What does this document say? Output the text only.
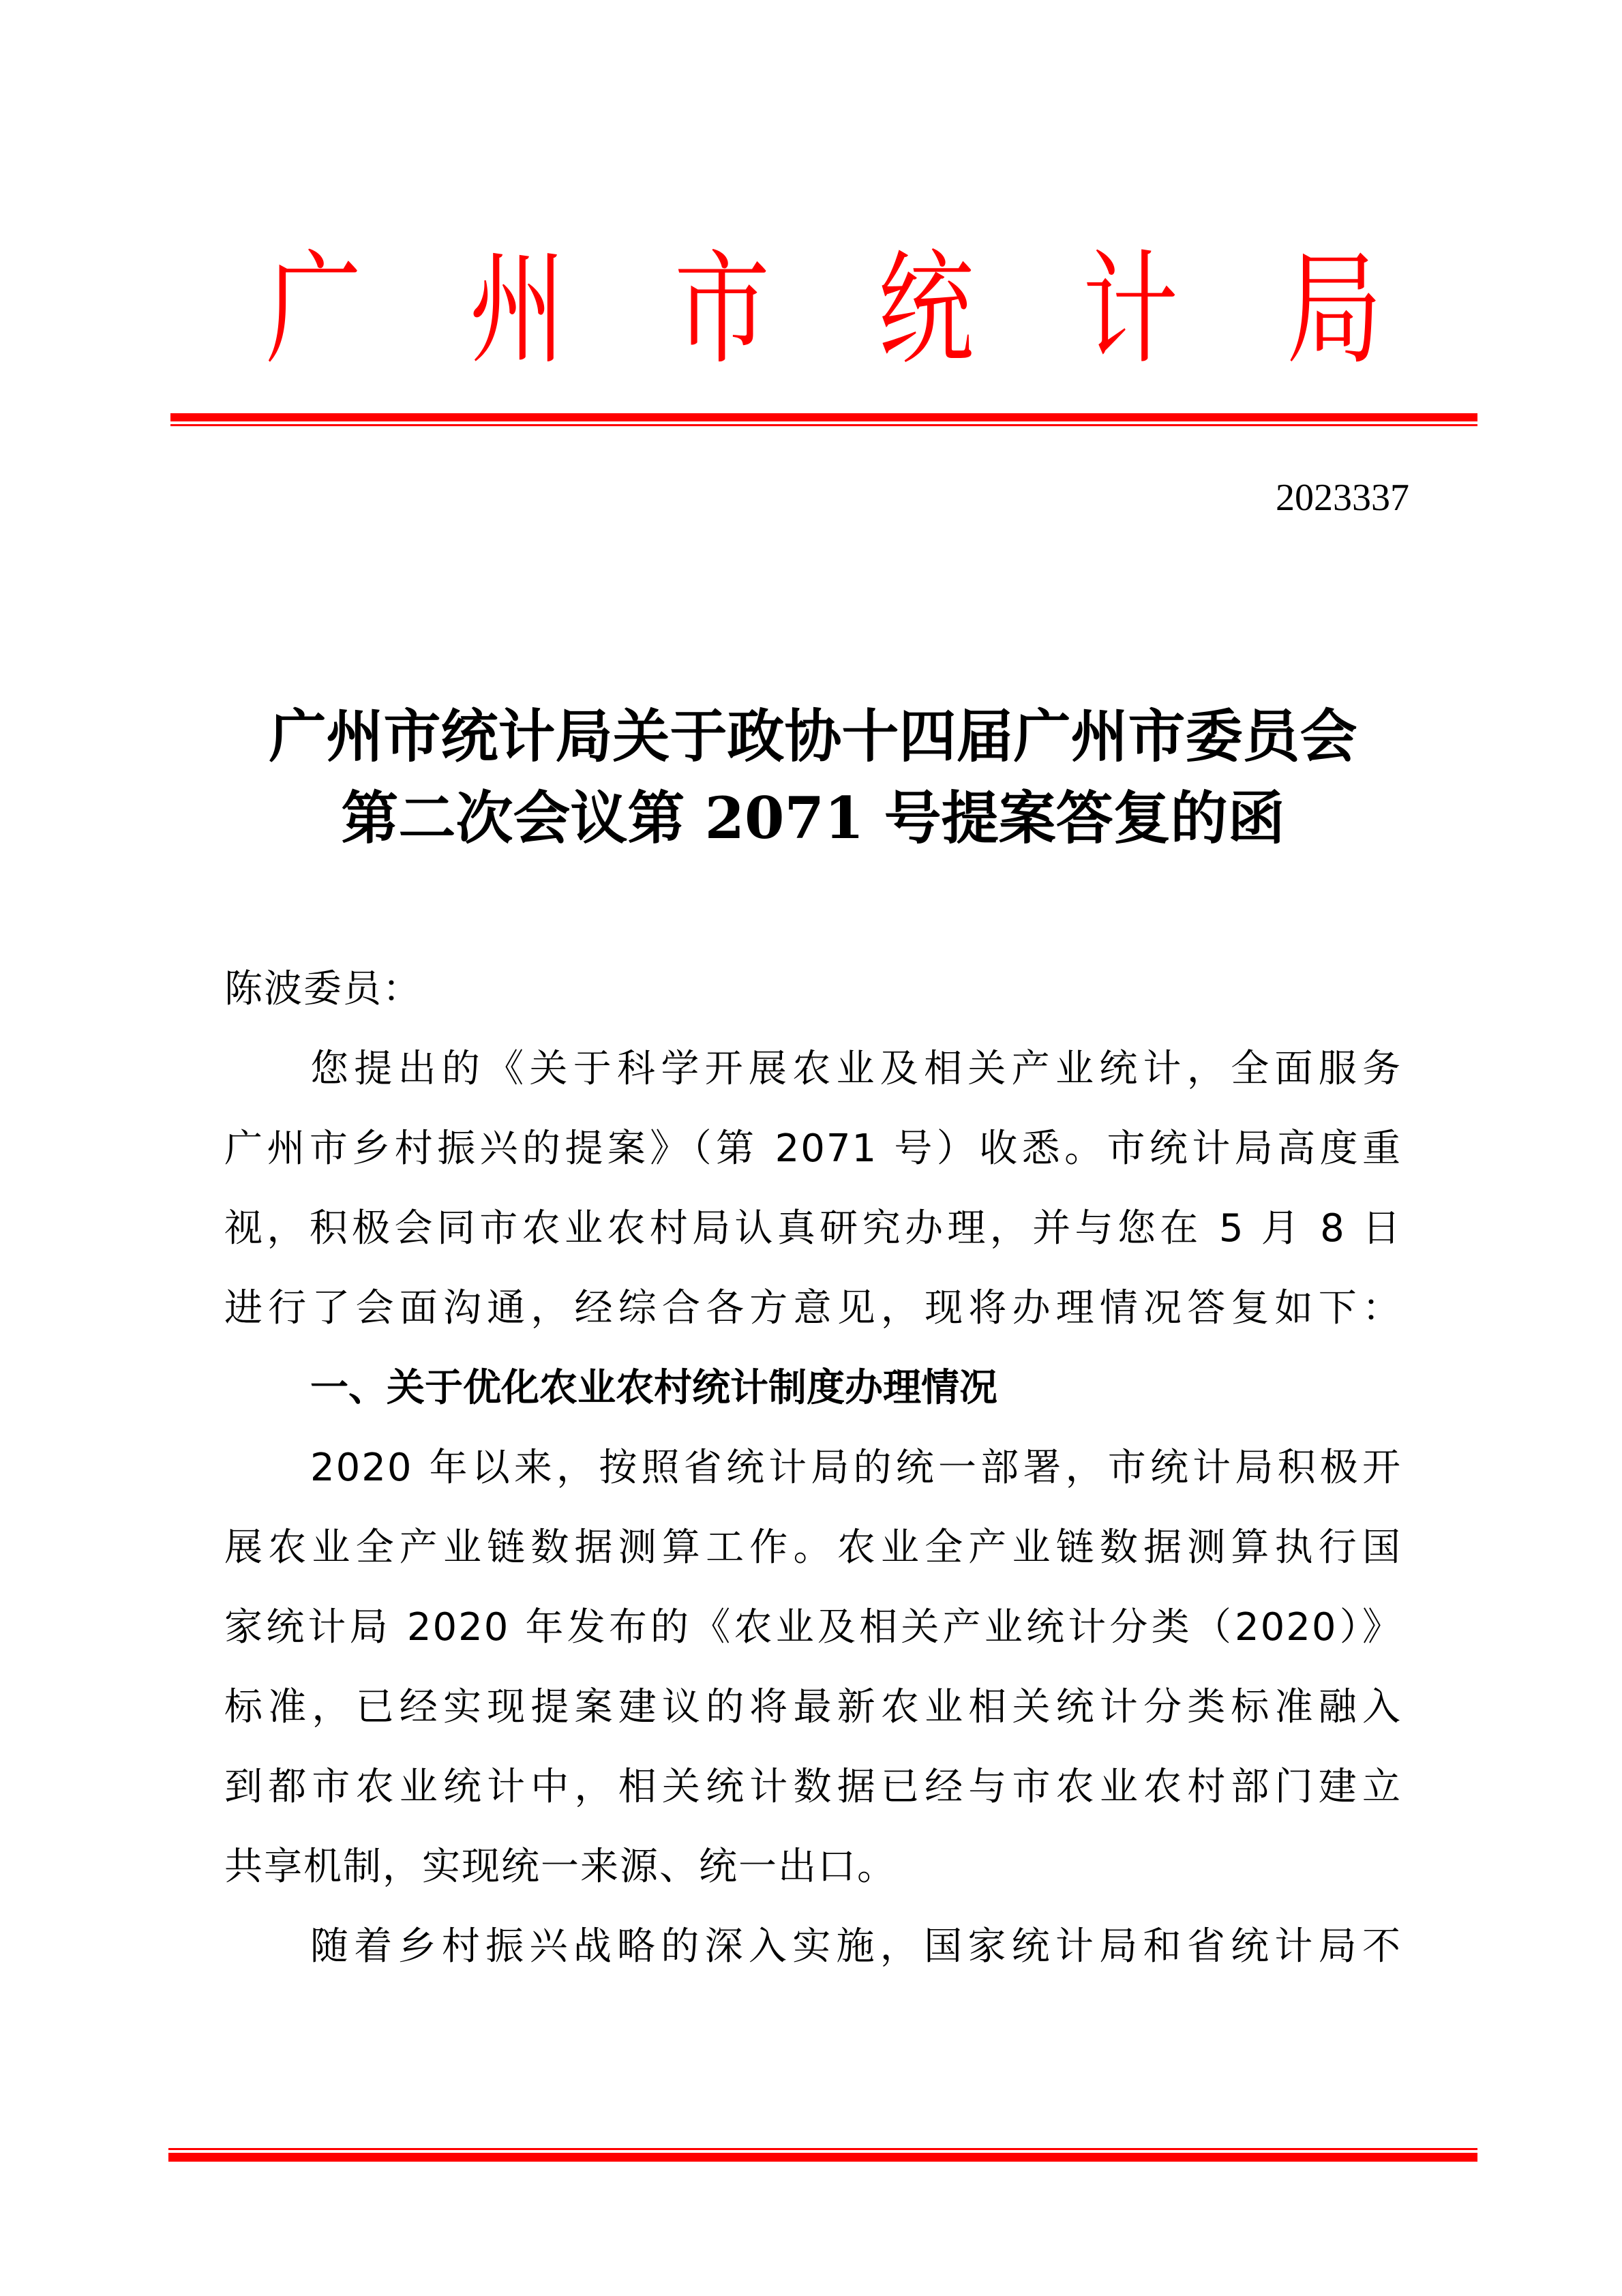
广 州 市 统 计 局
2023337
广州市统计局关于政协十四届广州市委员会
第二次会议第 2071 号提案答复的函
陈波委员：
您提出的《关于科学开展农业及相关产业统计，全面服务
广州市乡村振兴的提案》（第 2071 号）收悉。市统计局高度重
视，积极会同市农业农村局认真研究办理，并与您在 5 月 8 日
进行了会面沟通，经综合各方意见，现将办理情况答复如下：
一、关于优化农业农村统计制度办理情况
2020 年以来，按照省统计局的统一部署，市统计局积极开
展农业全产业链数据测算工作。农业全产业链数据测算执行国
家统计局 2020 年发布的《农业及相关产业统计分类（2020）》
标准，已经实现提案建议的将最新农业相关统计分类标准融入
到都市农业统计中，相关统计数据已经与市农业农村部门建立
共享机制，实现统一来源、统一出口。
随着乡村振兴战略的深入实施，国家统计局和省统计局不
